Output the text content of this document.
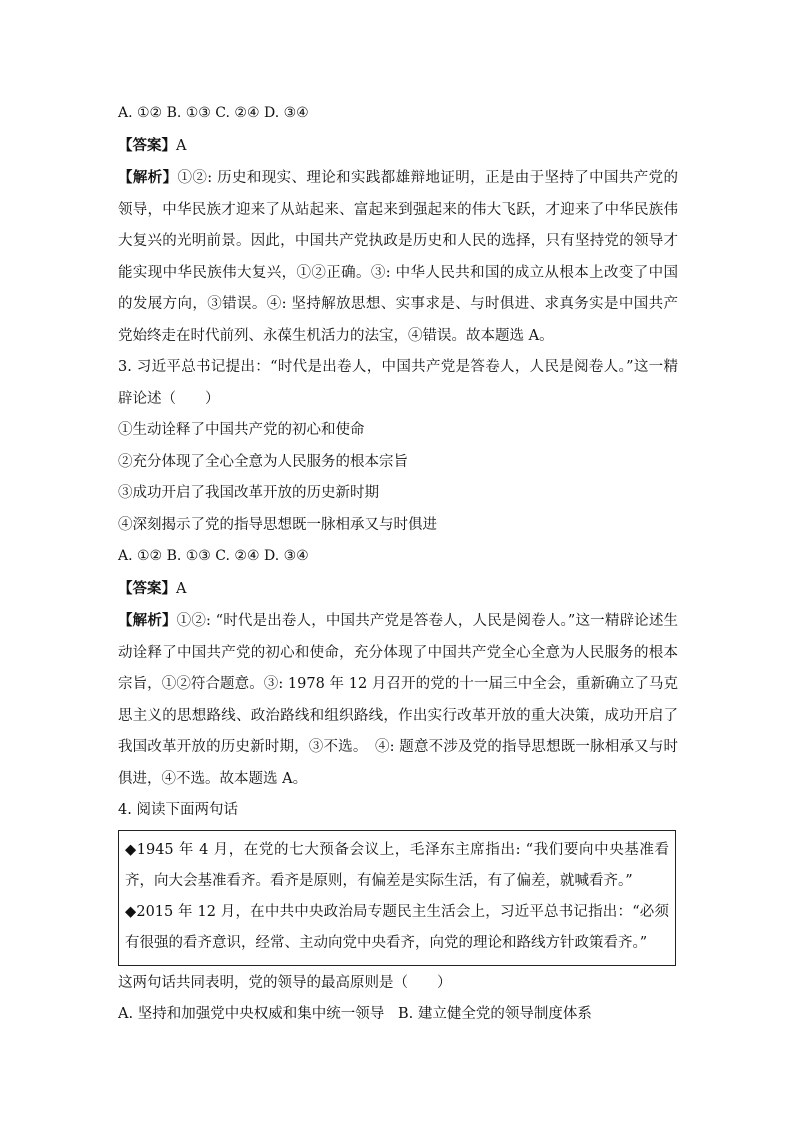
A. ①② B. ①③ C. ②④ D. ③④
【答案】A
【解析】①②: 历史和现实、理论和实践都雄辩地证明，正是由于坚持了中国共产党的领导，中华民族才迎来了从站起来、富起来到强起来的伟大飞跃，才迎来了中华民族伟大复兴的光明前景。因此，中国共产党执政是历史和人民的选择，只有坚持党的领导才能实现中华民族伟大复兴，①②正确。③: 中华人民共和国的成立从根本上改变了中国的发展方向，③错误。④: 坚持解放思想、实事求是、与时俱进、求真务实是中国共产党始终走在时代前列、永葆生机活力的法宝，④错误。故本题选 A。
3. 习近平总书记提出：“时代是出卷人，中国共产党是答卷人，人民是阅卷人。”这一精辟论述（　　）
①生动诠释了中国共产党的初心和使命
②充分体现了全心全意为人民服务的根本宗旨
③成功开启了我国改革开放的历史新时期
④深刻揭示了党的指导思想既一脉相承又与时俱进
A. ①② B. ①③ C. ②④ D. ③④
【答案】A
【解析】①②: “时代是出卷人，中国共产党是答卷人，人民是阅卷人。”这一精辟论述生动诠释了中国共产党的初心和使命，充分体现了中国共产党全心全意为人民服务的根本宗旨，①②符合题意。③: 1978 年 12 月召开的党的十一届三中全会，重新确立了马克思主义的思想路线、政治路线和组织路线，作出实行改革开放的重大决策，成功开启了我国改革开放的历史新时期，③不选。　④: 题意不涉及党的指导思想既一脉相承又与时俱进，④不选。故本题选 A。
4. 阅读下面两句话
◆1945 年 4 月，在党的七大预备会议上，毛泽东主席指出: “我们要向中央基准看齐，向大会基准看齐。看齐是原则，有偏差是实际生活，有了偏差，就喊看齐。”
◆2015 年 12 月，在中共中央政治局专题民主生活会上，习近平总书记指出：“必须有很强的看齐意识，经常、主动向党中央看齐，向党的理论和路线方针政策看齐。”
这两句话共同表明，党的领导的最高原则是（　　）
A. 坚持和加强党中央权威和集中统一领导 B. 建立健全党的领导制度体系
